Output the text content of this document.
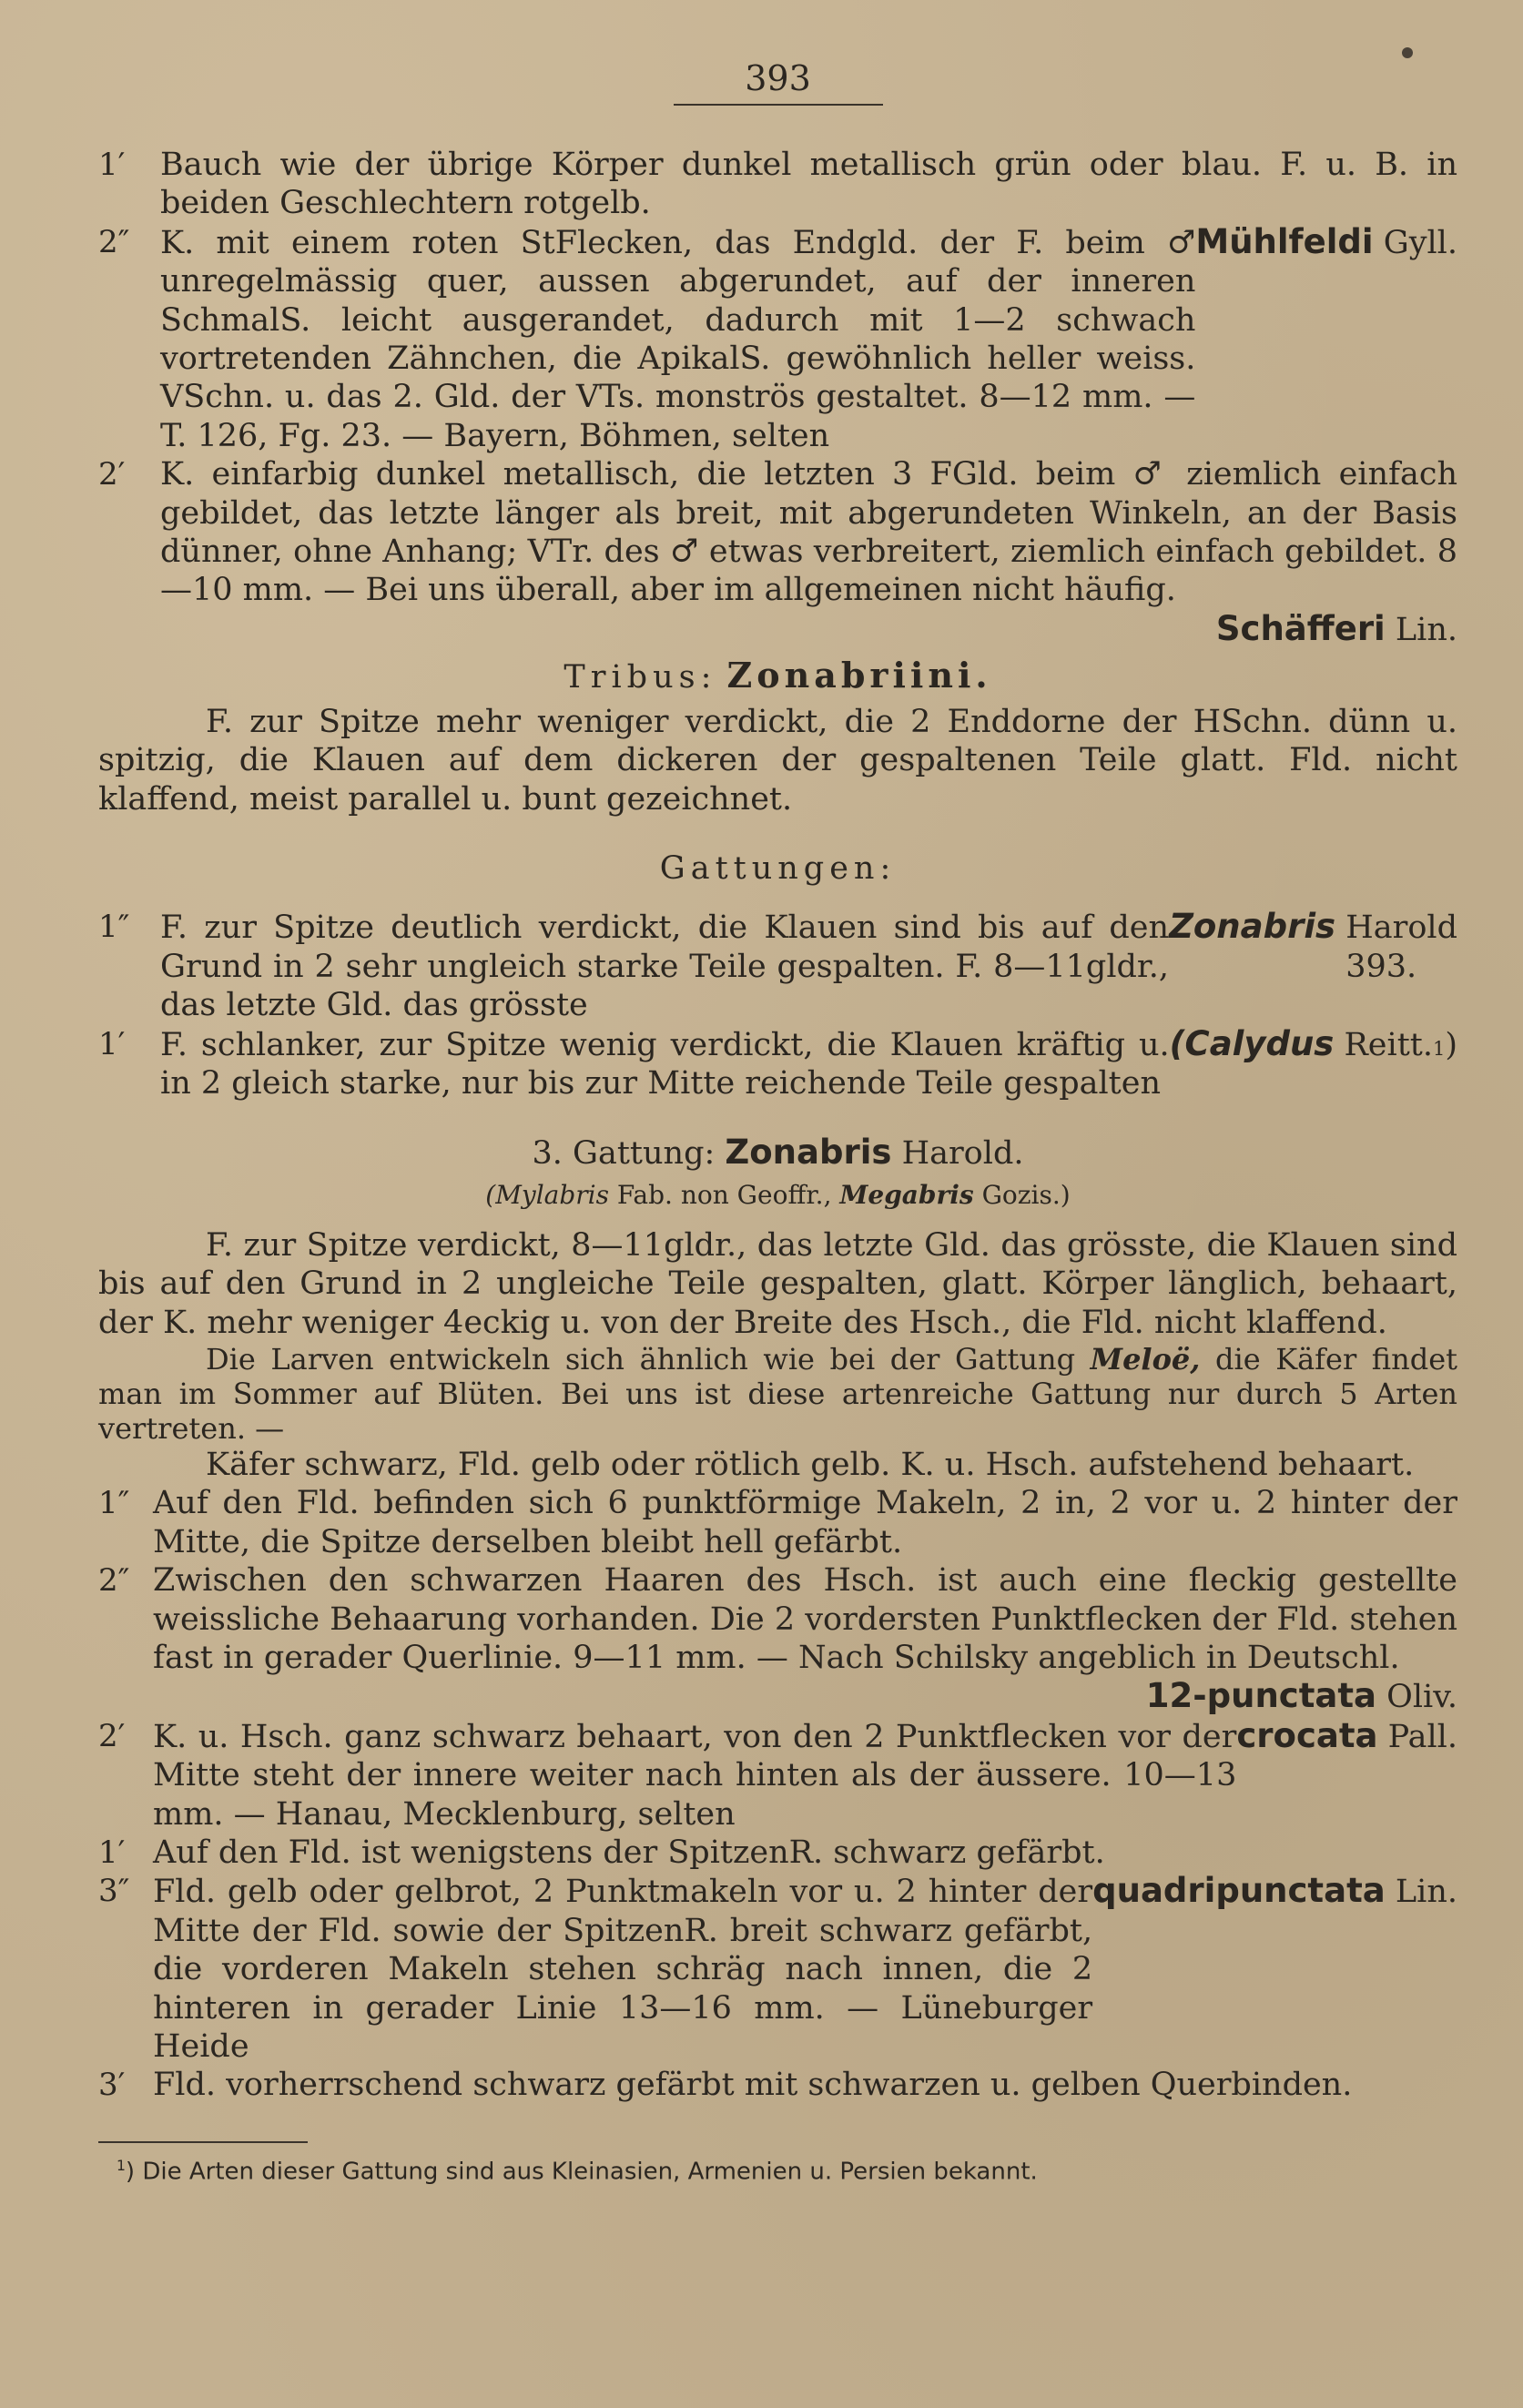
393
1′ Bauch wie der übrige Körper dunkel metallisch grün oder blau. F. u. B. in beiden Geschlechtern rotgelb.
2″ K. mit einem roten StFlecken, das Endgld. der F. beim ♂ unregelmässig quer, aussen abgerundet, auf der inneren SchmalS. leicht ausgerandet, dadurch mit 1—2 schwach vortretenden Zähnchen, die ApikalS. gewöhnlich heller weiss. VSchn. u. das 2. Gld. der VTs. monströs gestaltet. 8—12 mm. — T. 126, Fg. 23. — Bayern, Böhmen, selten
Mühlfeldi
Gyll.
2′ K. einfarbig dunkel metallisch, die letzten 3 FGld. beim ♂ ziemlich einfach gebildet, das letzte länger als breit, mit abgerundeten Winkeln, an der Basis dünner, ohne Anhang; VTr. des ♂ etwas verbreitert, ziemlich einfach gebildet. 8—10 mm. — Bei uns überall, aber im allgemeinen nicht häufig.
Schäfferi Lin.
Tribus: Zonabriini.
F. zur Spitze mehr weniger verdickt, die 2 Enddorne der HSchn. dünn u. spitzig, die Klauen auf dem dickeren der gespaltenen Teile glatt. Fld. nicht klaffend, meist parallel u. bunt gezeichnet.
Gattungen:
1″ F. zur Spitze deutlich verdickt, die Klauen sind bis auf den Grund in 2 sehr ungleich starke Teile gespalten. F. 8—11gldr., das letzte Gld. das grösste
Zonabris
Harold 393.
1′ F. schlanker, zur Spitze wenig verdickt, die Klauen kräftig u. in 2 gleich starke, nur bis zur Mitte reichende Teile gespalten
(Calydus
Reitt. 1 )
3. Gattung: Zonabris Harold.
(Mylabris Fab. non Geoffr., Megabris Gozis.)
F. zur Spitze verdickt, 8—11gldr., das letzte Gld. das grösste, die Klauen sind bis auf den Grund in 2 ungleiche Teile gespalten, glatt. Körper länglich, behaart, der K. mehr weniger 4eckig u. von der Breite des Hsch., die Fld. nicht klaffend.
Die Larven entwickeln sich ähnlich wie bei der Gattung Meloë, die Käfer findet man im Sommer auf Blüten. Bei uns ist diese artenreiche Gattung nur durch 5 Arten vertreten. —
Käfer schwarz, Fld. gelb oder rötlich gelb. K. u. Hsch. aufstehend behaart.
1″ Auf den Fld. befinden sich 6 punktförmige Makeln, 2 in, 2 vor u. 2 hinter der Mitte, die Spitze derselben bleibt hell gefärbt.
2″ Zwischen den schwarzen Haaren des Hsch. ist auch eine fleckig gestellte weissliche Behaarung vorhanden. Die 2 vordersten Punktflecken der Fld. stehen fast in gerader Querlinie. 9—11 mm. — Nach Schilsky angeblich in Deutschl.
12-punctata Oliv.
2′ K. u. Hsch. ganz schwarz behaart, von den 2 Punktflecken vor der Mitte steht der innere weiter nach hinten als der äussere. 10—13 mm. — Hanau, Mecklenburg, selten
crocata
Pall.
1′ Auf den Fld. ist wenigstens der SpitzenR. schwarz gefärbt.
3″ Fld. gelb oder gelbrot, 2 Punktmakeln vor u. 2 hinter der Mitte der Fld. sowie der SpitzenR. breit schwarz gefärbt, die vorderen Makeln stehen schräg nach innen, die 2 hinteren in gerader Linie 13—16 mm. — Lüneburger Heide
quadripunctata
Lin.
3′ Fld. vorherrschend schwarz gefärbt mit schwarzen u. gelben Querbinden.
$^1$) Die Arten dieser Gattung sind aus Kleinasien, Armenien u. Persien bekannt.
